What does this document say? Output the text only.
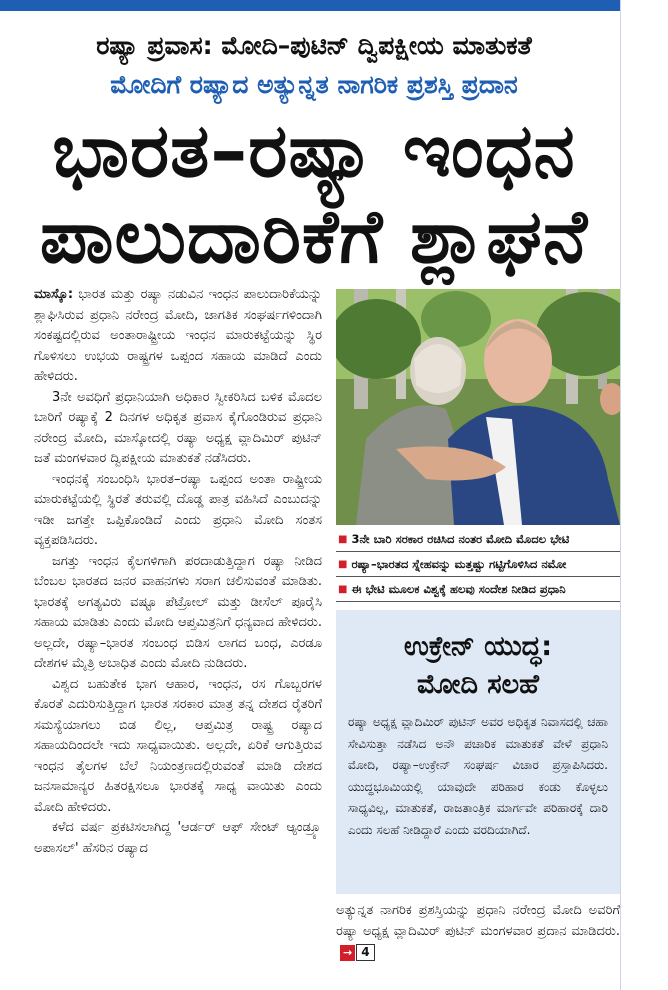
ರಷ್ಯಾ ಪ್ರವಾಸ: ಮೋದಿ–ಪುಟಿನ್ ದ್ವಿಪಕ್ಷೀಯ ಮಾತುಕತೆ
ಮೋದಿಗೆ ರಷ್ಯಾದ ಅತ್ಯುನ್ನತ ನಾಗರಿಕ ಪ್ರಶಸ್ತಿ ಪ್ರದಾನ
ಭಾರತ–ರಷ್ಯಾ ಇಂಧನ
ಪಾಲುದಾರಿಕೆಗೆ ಶ್ಲಾಘನೆ

ಮಾಸ್ಕೊ: ಭಾರತ ಮತ್ತು ರಷ್ಯಾ ನಡುವಿನ ಇಂಧನ ಪಾಲುದಾರಿಕೆಯನ್ನು ಶ್ಲಾಘಿಸಿರುವ ಪ್ರಧಾನಿ ನರೇಂದ್ರ ಮೋದಿ, ಜಾಗತಿಕ ಸಂಘರ್ಷಗಳಿಂದಾಗಿ ಸಂಕಷ್ಟದಲ್ಲಿರುವ ಅಂತಾರಾಷ್ಟ್ರೀಯ ಇಂಧನ ಮಾರುಕಟ್ಟೆಯನ್ನು ಸ್ಥಿರ ಗೊಳಿಸಲು ಉಭಯ ರಾಷ್ಟ್ರಗಳ ಒಪ್ಪಂದ ಸಹಾಯ ಮಾಡಿದೆ ಎಂದು ಹೇಳಿದರು.

3ನೇ ಅವಧಿಗೆ ಪ್ರಧಾನಿಯಾಗಿ ಅಧಿಕಾರ ಸ್ವೀಕರಿಸಿದ ಬಳಿಕ ಮೊದಲ ಬಾರಿಗೆ ರಷ್ಯಾಕ್ಕೆ 2 ದಿನಗಳ ಅಧಿಕೃತ ಪ್ರವಾಸ ಕೈಗೊಂಡಿರುವ ಪ್ರಧಾನಿ ನರೇಂದ್ರ ಮೋದಿ, ಮಾಸ್ಕೋದಲ್ಲಿ ರಷ್ಯಾ ಅಧ್ಯಕ್ಷ ವ್ಲಾದಿಮಿರ್ ಪುಟಿನ್ ಜತೆ ಮಂಗಳವಾರ ದ್ವಿಪಕ್ಷೀಯ ಮಾತುಕತೆ ನಡೆಸಿದರು.

ಇಂಧನಕ್ಕೆ ಸಂಬಂಧಿಸಿ ಭಾರತ–ರಷ್ಯಾ ಒಪ್ಪಂದ ಅಂತಾ ರಾಷ್ಟ್ರೀಯ ಮಾರುಕಟ್ಟೆಯಲ್ಲಿ ಸ್ಥಿರತೆ ತರುವಲ್ಲಿ ದೊಡ್ಡ ಪಾತ್ರ ವಹಿಸಿದೆ ಎಂಬುದನ್ನು ಇಡೀ ಜಗತ್ತೇ ಒಪ್ಪಿಕೊಂಡಿದೆ ಎಂದು ಪ್ರಧಾನಿ ಮೋದಿ ಸಂತಸ ವ್ಯಕ್ತಪಡಿಸಿದರು.

ಜಗತ್ತು ಇಂಧನ ಕೈಲಗಳಿಗಾಗಿ ಪರದಾಡುತ್ತಿದ್ದಾಗ ರಷ್ಯಾ ನೀಡಿದ ಬೆಂಬಲ ಭಾರತದ ಜನರ ವಾಹನಗಳು ಸರಾಗ ಚಲಿಸುವಂತೆ ಮಾಡಿತು. ಭಾರತಕ್ಕೆ ಅಗತ್ಯವಿರು ವಷ್ಟೂ ಪೆಟ್ರೋಲ್ ಮತ್ತು ಡೀಸೆಲ್ ಪೂರೈಸಿ ಸಹಾಯ ಮಾಡಿತು ಎಂದು ಮೋದಿ ಆಪ್ತಮಿತ್ರನಿಗೆ ಧನ್ಯವಾದ ಹೇಳಿದರು. ಅಲ್ಲದೇ, ರಷ್ಯಾ–ಭಾರತ ಸಂಬಂಧ ಬಿಡಿಸ ಲಾಗದ ಬಂಧ, ಎರಡೂ ದೇಶಗಳ ಮೈತ್ರಿ ಅಬಾಧಿತ ಎಂದು ಮೋದಿ ನುಡಿದರು.

ವಿಶ್ವದ ಬಹುತೇಕ ಭಾಗ ಆಹಾರ, ಇಂಧನ, ರಸ ಗೊಬ್ಬರಗಳ ಕೊರತೆ ಎದುರಿಸುತ್ತಿದ್ದಾಗ ಭಾರತ ಸರಕಾರ ಮಾತ್ರ ತನ್ನ ದೇಶದ ರೈತರಿಗೆ ಸಮಸ್ಯೆಯಾಗಲು ಬಿಡ ಲಿಲ್ಲ, ಆಪ್ತಮಿತ್ರ ರಾಷ್ಟ್ರ ರಷ್ಯಾದ ಸಹಾಯದಿಂದಲೇ ಇದು ಸಾಧ್ಯವಾಯಿತು. ಅಲ್ಲದೇ, ಏರಿಕೆ ಆಗುತ್ತಿರುವ ಇಂಧನ ತೈಲಗಳ ಬೆಲೆ ನಿಯಂತ್ರಣದಲ್ಲಿರುವಂತೆ ಮಾಡಿ ದೇಶದ ಜನಸಾಮಾನ್ಯರ ಹಿತರಕ್ಷಿಸಲೂ ಭಾರತಕ್ಕೆ ಸಾಧ್ಯ ವಾಯಿತು ಎಂದು ಮೋದಿ ಹೇಳಿದರು.

ಕಳೆದ ವರ್ಷ ಪ್ರಕಟಿಸಲಾಗಿದ್ದ 'ಆರ್ಡರ್ ಆಫ್ ಸೇಂಟ್ ಆ್ಯಂಡ್ರ್ಯೂ ಅಪಾಸಲ್' ಹೆಸರಿನ ರಷ್ಯಾದ

■ 3ನೇ ಬಾರಿ ಸರಕಾರ ರಚಿಸಿದ ನಂತರ ಮೋದಿ ಮೊದಲ ಭೇಟಿ
■ ರಷ್ಯಾ–ಭಾರತದ ಸ್ನೇಹವನ್ನು ಮತ್ತಷ್ಟು ಗಟ್ಟಿಗೊಳಿಸಿದ ನಮೋ
■ ಈ ಭೇಟಿ ಮೂಲಕ ವಿಶ್ವಕ್ಕೆ ಹಲವು ಸಂದೇಶ ನೀಡಿದ ಪ್ರಧಾನಿ
ಉಕ್ರೇನ್ ಯುದ್ಧ:
ಮೋದಿ ಸಲಹೆ
ರಷ್ಯಾ ಅಧ್ಯಕ್ಷ ವ್ಲಾದಿಮಿರ್ ಪುಟಿನ್ ಅವರ ಅಧಿಕೃತ ನಿವಾಸದಲ್ಲಿ ಚಹಾ ಸೇವಿಸುತ್ತಾ ನಡೆಸಿದ ಅನೌ ಪಚಾರಿಕ ಮಾತುಕತೆ ವೇಳೆ ಪ್ರಧಾನಿ ಮೋದಿ, ರಷ್ಯಾ–ಉಕ್ರೇನ್ ಸಂಘರ್ಷ ವಿಚಾರ ಪ್ರಸ್ತಾಪಿಸಿದರು. ಯುದ್ಧಭೂಮಿಯಲ್ಲಿ ಯಾವುದೇ ಪರಿಹಾರ ಕಂಡು ಕೊಳ್ಳಲು ಸಾಧ್ಯವಿಲ್ಲ, ಮಾತುಕತೆ, ರಾಜತಾಂತ್ರಿಕ ಮಾರ್ಗವೇ ಪರಿಹಾರಕ್ಕೆ ದಾರಿ ಎಂದು ಸಲಹೆ ನೀಡಿದ್ದಾರೆ ಎಂದು ವರದಿಯಾಗಿದೆ.
ಅತ್ಯುನ್ನತ ನಾಗರಿಕ ಪ್ರಶಸ್ತಿಯನ್ನು ಪ್ರಧಾನಿ ನರೇಂದ್ರ ಮೋದಿ ಅವರಿಗೆ ರಷ್ಯಾ ಅಧ್ಯಕ್ಷ ವ್ಲಾದಿಮಿರ್ ಪುಟಿನ್ ಮಂಗಳವಾರ ಪ್ರದಾನ ಮಾಡಿದರು.
→ 4
